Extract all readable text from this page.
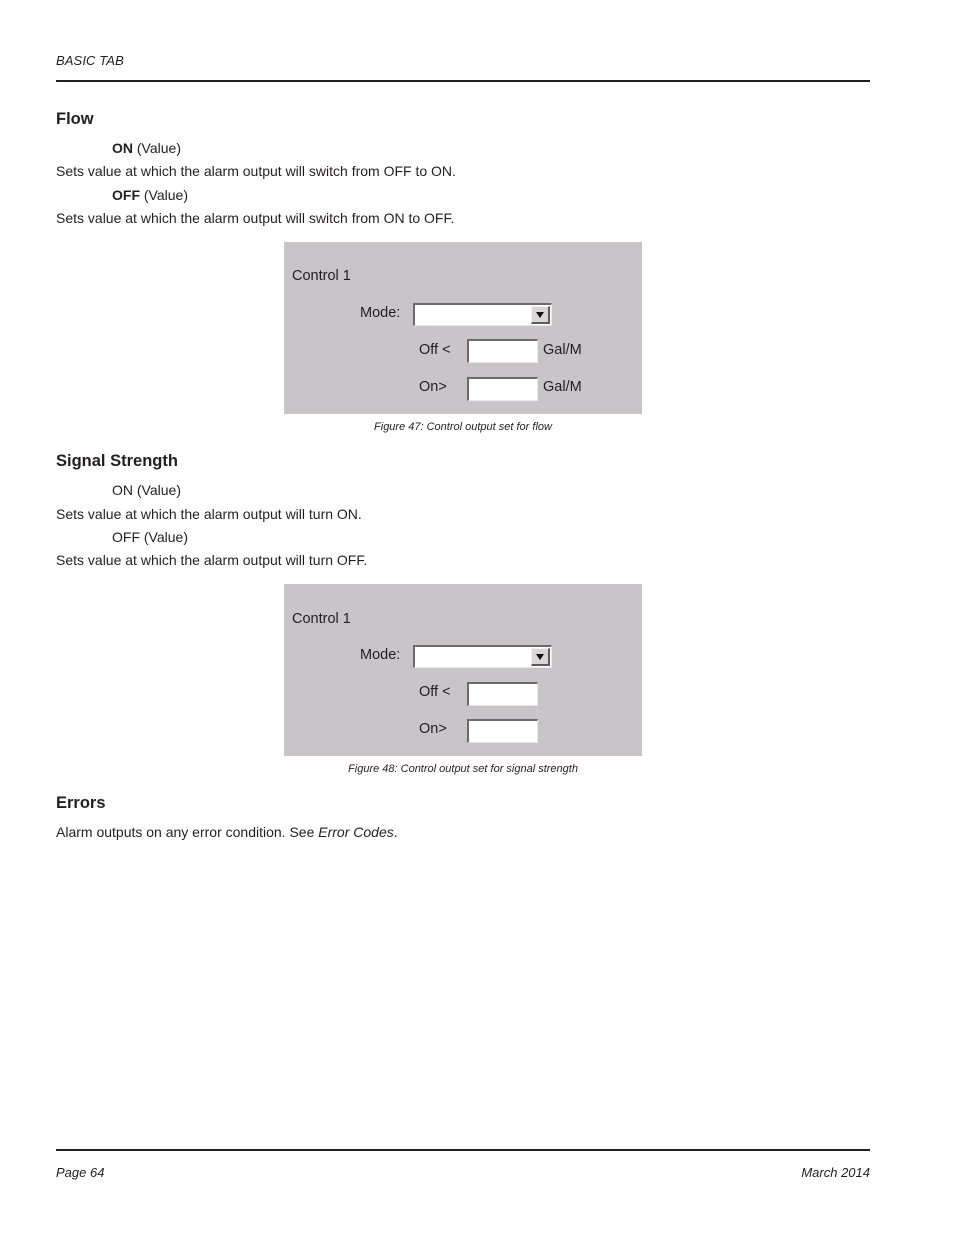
BASIC TAB
Flow
ON (Value)
Sets value at which the alarm output will switch from OFF to ON.
OFF (Value)
Sets value at which the alarm output will switch from ON to OFF.
Control 1
Mode:
Off <	Gal/M
On>	Gal/M
Figure 47: Control output set for flow
Signal Strength
ON (Value)
Sets value at which the alarm output will turn ON.
OFF (Value)
Sets value at which the alarm output will turn OFF.
Control 1
Mode:
Off <
On>
Figure 48: Control output set for signal strength
Errors
Alarm outputs on any error condition. See Error Codes.
Page 64	March 2014
